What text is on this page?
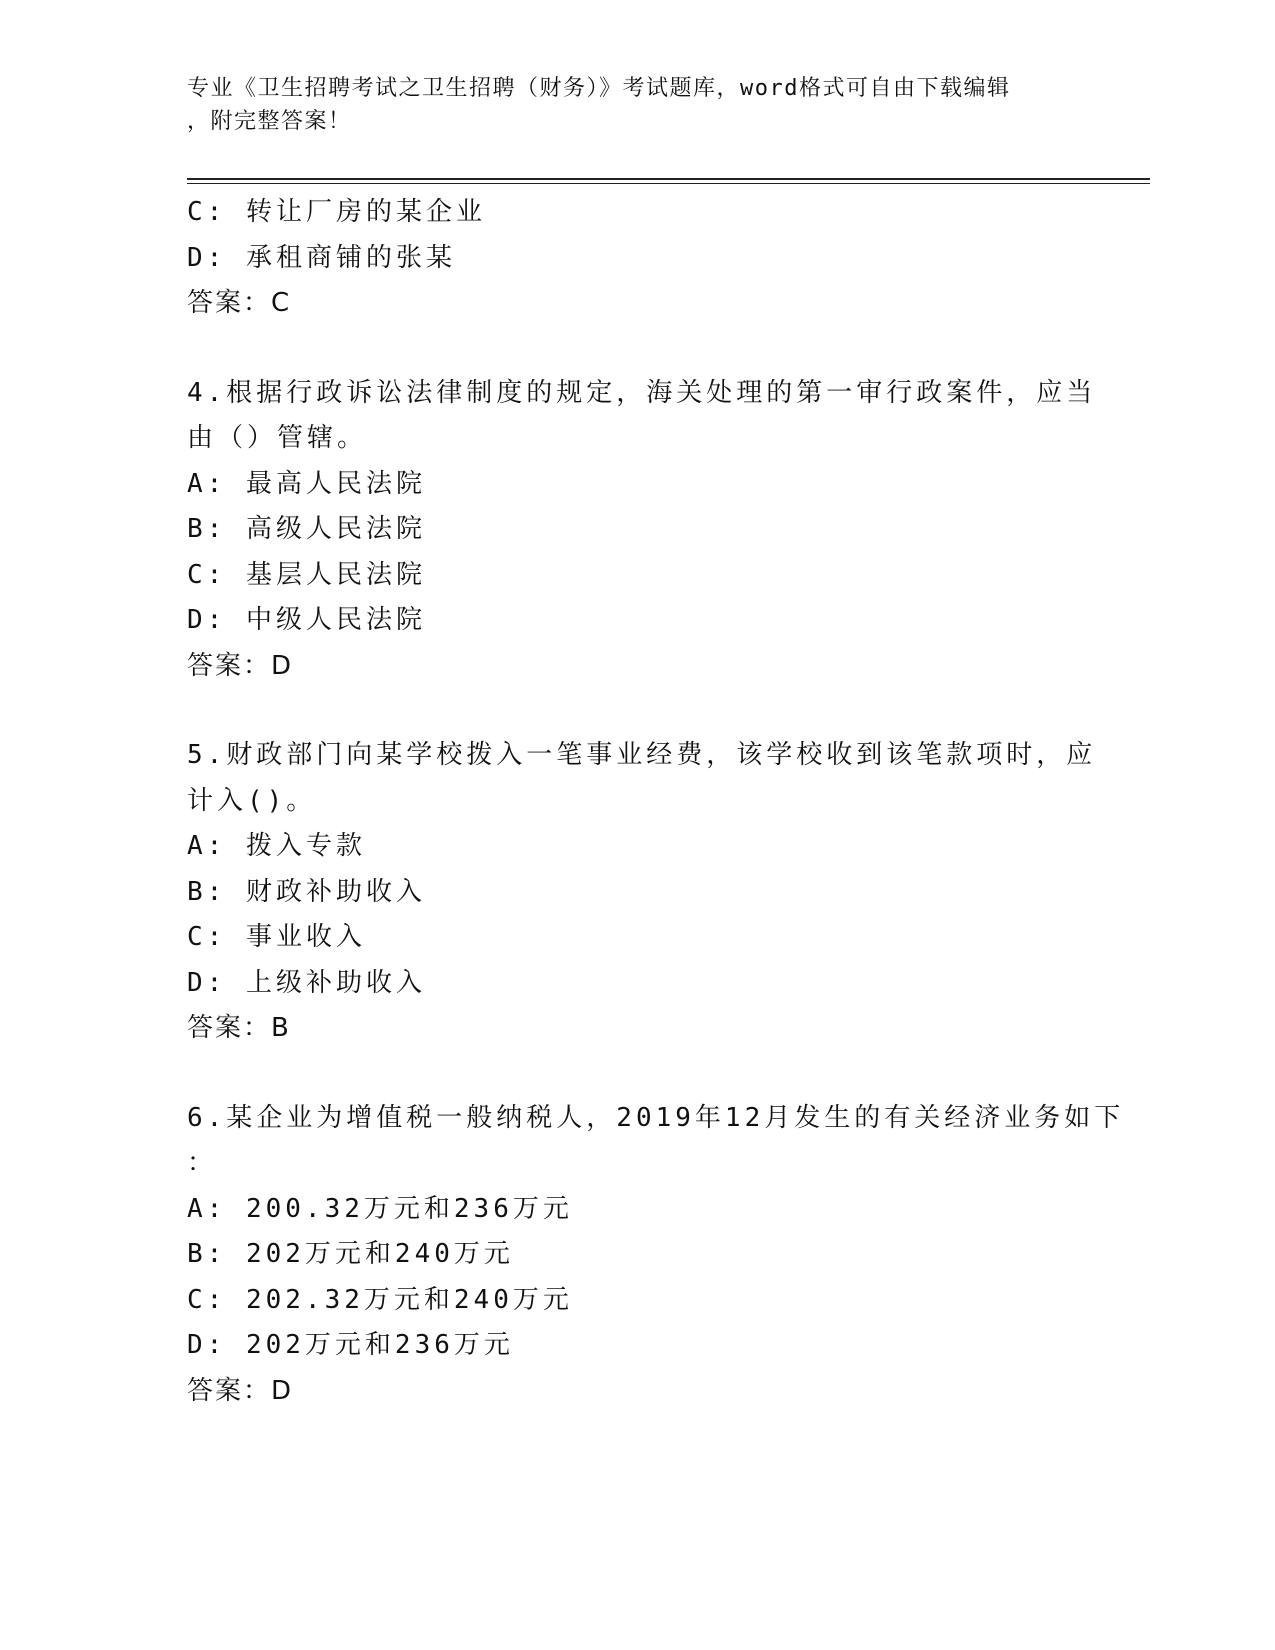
专业《卫生招聘考试之卫生招聘（财务）》考试题库，word格式可自由下载编辑
，附完整答案！
C: 转让厂房的某企业
D: 承租商铺的张某
答案：C
4.根据行政诉讼法律制度的规定，海关处理的第一审行政案件，应当
由（）管辖。
A: 最高人民法院
B: 高级人民法院
C: 基层人民法院
D: 中级人民法院
答案：D
5.财政部门向某学校拨入一笔事业经费，该学校收到该笔款项时，应
计入()。
A: 拨入专款
B: 财政补助收入
C: 事业收入
D: 上级补助收入
答案：B
6.某企业为增值税一般纳税人，2019年12月发生的有关经济业务如下
：
A: 200.32万元和236万元
B: 202万元和240万元
C: 202.32万元和240万元
D: 202万元和236万元
答案：D
